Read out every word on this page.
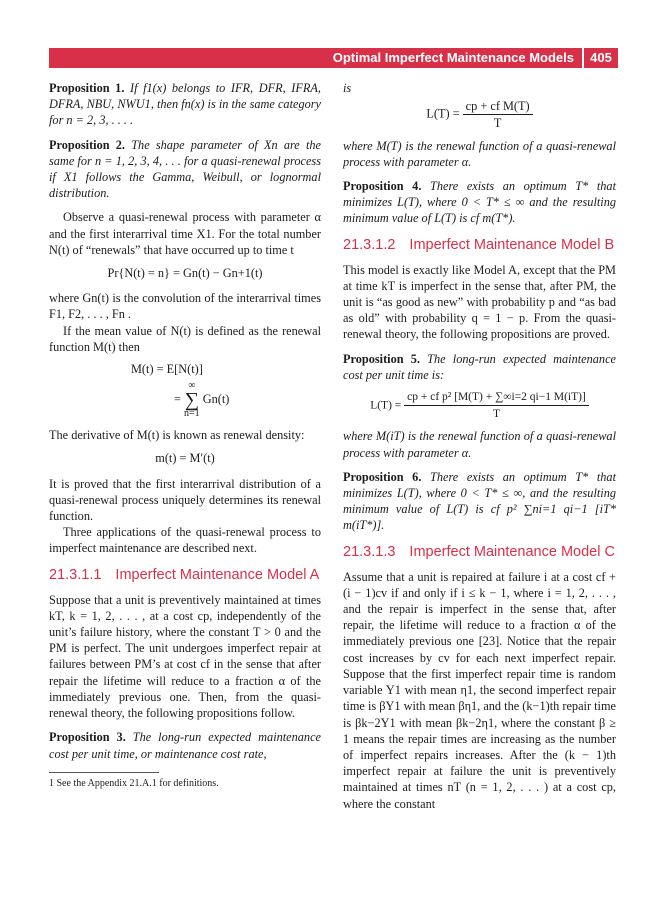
Optimal Imperfect Maintenance Models	405

Proposition 1. If f1(x) belongs to IFR, DFR, IFRA, DFRA, NBU, NWU1, then fn(x) is in the same category for n = 2, 3, . . . .

Proposition 2. The shape parameter of Xn are the same for n = 1, 2, 3, 4, . . . for a quasi-renewal process if X1 follows the Gamma, Weibull, or lognormal distribution.

Observe a quasi-renewal process with parameter α and the first interarrival time X1. For the total number N(t) of “renewals” that have occurred up to time t

Pr{N(t) = n} = Gn(t) − Gn+1(t)

where Gn(t) is the convolution of the interarrival times F1, F2, . . . , Fn .

If the mean value of N(t) is defined as the renewal function M(t) then

M(t) = E[N(t)]
= ∞
∑
n=1 Gn(t)

The derivative of M(t) is known as renewal density:

m(t) = M′(t)

It is proved that the first interarrival distribution of a quasi-renewal process uniquely determines its renewal function.

Three applications of the quasi-renewal process to imperfect maintenance are described next.

21.3.1.1 Imperfect Maintenance Model A

Suppose that a unit is preventively maintained at times kT, k = 1, 2, . . . , at a cost cp, independently of the unit’s failure history, where the constant T > 0 and the PM is perfect. The unit undergoes imperfect repair at failures between PM’s at cost cf in the sense that after repair the lifetime will reduce to a fraction α of the immediately previous one. Then, from the quasi-renewal theory, the following propositions follow.

Proposition 3. The long-run expected maintenance cost per unit time, or maintenance cost rate,

1 See the Appendix 21.A.1 for definitions.

is

$L(T) = \frac{\text{cp + cf M(T)}}{T}$

where M(T) is the renewal function of a quasi-renewal process with parameter α.

Proposition 4. There exists an optimum T* that minimizes L(T), where 0 < T* ≤ ∞ and the resulting minimum value of L(T) is cf m(T*).

21.3.1.2 Imperfect Maintenance Model B

This model is exactly like Model A, except that the PM at time kT is imperfect in the sense that, after PM, the unit is “as good as new” with probability p and “as bad as old” with probability q = 1 − p. From the quasi-renewal theory, the following propositions are proved.

Proposition 5. The long-run expected maintenance cost per unit time is:

$L(T) = \frac{\text{cp + cf p² [M(T) + ∑∞i=2 qi−1 M(iT)]}}{T}$

where M(iT) is the renewal function of a quasi-renewal process with parameter α.

Proposition 6. There exists an optimum T* that minimizes L(T), where 0 < T* ≤ ∞, and the resulting minimum value of L(T) is cf p² ∑ni=1 qi−1 [iT* m(iT*)].

21.3.1.3 Imperfect Maintenance Model C

Assume that a unit is repaired at failure i at a cost cf + (i − 1)cv if and only if i ≤ k − 1, where i = 1, 2, . . . , and the repair is imperfect in the sense that, after repair, the lifetime will reduce to a fraction α of the immediately previous one [23]. Notice that the repair cost increases by cv for each next imperfect repair. Suppose that the first imperfect repair time is random variable Y1 with mean η1, the second imperfect repair time is βY1 with mean βη1, and the (k−1)th repair time is βk−2Y1 with mean βk−2η1, where the constant β ≥ 1 means the repair times are increasing as the number of imperfect repairs increases. After the (k − 1)th imperfect repair at failure the unit is preventively maintained at times nT (n = 1, 2, . . . ) at a cost cp, where the constant
